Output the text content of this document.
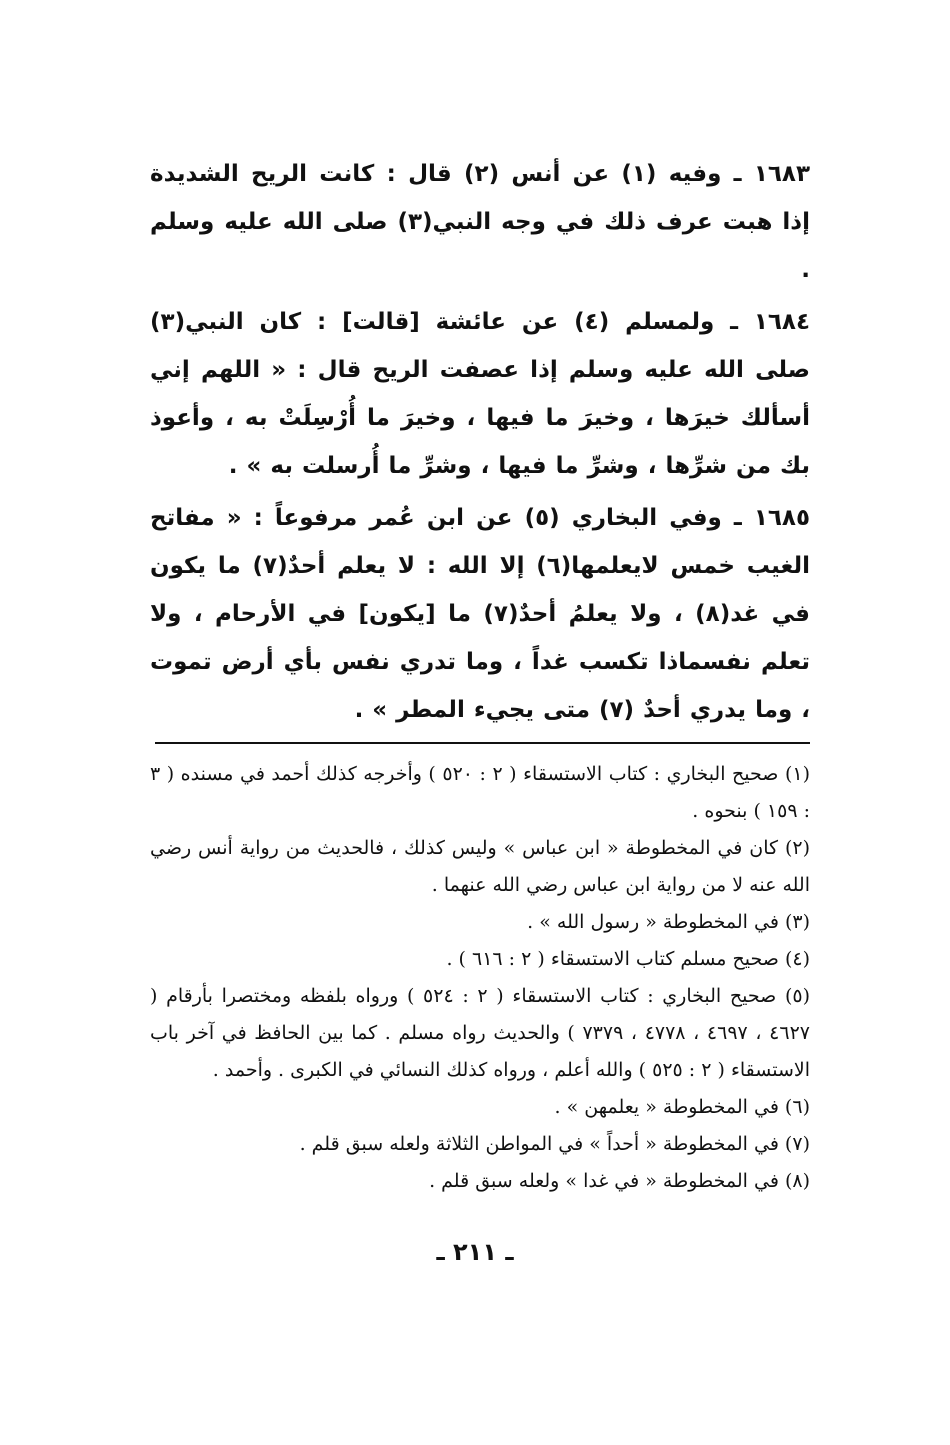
١٦٨٣ ـ وفيه (١) عن أنس (٢) قال : كانت الريح الشديدة إذا هبت عرف ذلك في وجه النبي(٣) صلى الله عليه وسلم .

١٦٨٤ ـ ولمسلم (٤) عن عائشة [قالت] : كان النبي(٣) صلى الله عليه وسلم إذا عصفت الريح قال : « اللهم إني أسألك خيرَها ، وخيرَ ما فيها ، وخيرَ ما أُرْسِلَتْ به ، وأعوذ بك من شرِّها ، وشرِّ ما فيها ، وشرِّ ما أُرسلت به » .

١٦٨٥ ـ وفي البخاري (٥) عن ابن عُمر مرفوعاً : « مفاتح الغيب خمس لايعلمها(٦) إلا الله : لا يعلم أحدٌ(٧) ما يكون في غد(٨) ، ولا يعلمُ أحدٌ(٧) ما [يكون] في الأرحام ، ولا تعلم نفسماذا تكسب غداً ، وما تدري نفس بأي أرض تموت ، وما يدري أحدٌ (٧) متى يجيء المطر » .

(١) صحيح البخاري : كتاب الاستسقاء ( ٢ : ٥٢٠ ) وأخرجه كذلك أحمد في مسنده ( ٣ : ١٥٩ ) بنحوه .

(٢) كان في المخطوطة « ابن عباس » وليس كذلك ، فالحديث من رواية أنس رضي الله عنه لا من رواية ابن عباس رضي الله عنهما .

(٣) في المخطوطة « رسول الله » .

(٤) صحيح مسلم كتاب الاستسقاء ( ٢ : ٦١٦ ) .

(٥) صحيح البخاري : كتاب الاستسقاء ( ٢ : ٥٢٤ ) ورواه بلفظه ومختصرا بأرقام ( ٤٦٢٧ ، ٤٦٩٧ ، ٤٧٧٨ ، ٧٣٧٩ ) والحديث رواه مسلم . كما بين الحافظ في آخر باب الاستسقاء ( ٢ : ٥٢٥ ) والله أعلم ، ورواه كذلك النسائي في الكبرى . وأحمد .

(٦) في المخطوطة « يعلمهن » .

(٧) في المخطوطة « أحداً » في المواطن الثلاثة ولعله سبق قلم .

(٨) في المخطوطة « في غدا » ولعله سبق قلم .

ـ ٢١١ ـ
